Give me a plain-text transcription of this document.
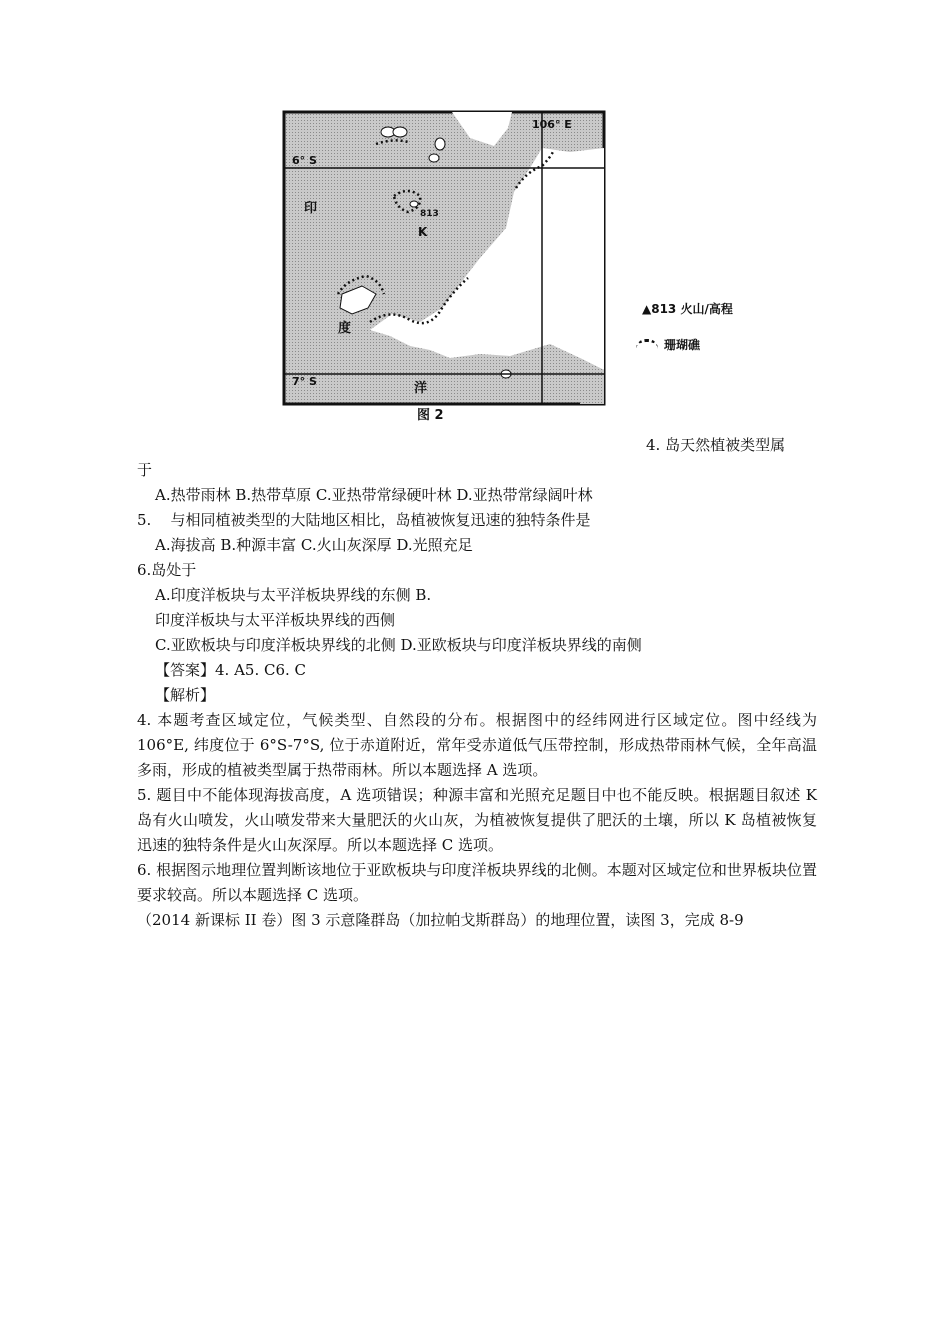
106° E
6° S
7° S
813
K
印
度
洋
图 2
▲813 火山/高程
珊瑚礁
4. 岛天然植被类型属
于
A.热带雨林 B.热带草原 C.亚热带常绿硬叶林 D.亚热带常绿阔叶林
5. 与相同植被类型的大陆地区相比，岛植被恢复迅速的独特条件是
A.海拔高 B.种源丰富 C.火山灰深厚 D.光照充足
6.岛处于
A.印度洋板块与太平洋板块界线的东侧 B.
印度洋板块与太平洋板块界线的西侧
C.亚欧板块与印度洋板块界线的北侧 D.亚欧板块与印度洋板块界线的南侧
【答案】4. A5. C6. C
【解析】
4. 本题考查区域定位，气候类型、自然段的分布。根据图中的经纬网进行区域定位。图中经线为 106°E, 纬度位于 6°S-7°S, 位于赤道附近，常年受赤道低气压带控制，形成热带雨林气候，全年高温多雨，形成的植被类型属于热带雨林。所以本题选择 A 选项。
5. 题目中不能体现海拔高度，A 选项错误；种源丰富和光照充足题目中也不能反映。根据题目叙述 K 岛有火山喷发，火山喷发带来大量肥沃的火山灰，为植被恢复提供了肥沃的土壤，所以 K 岛植被恢复迅速的独特条件是火山灰深厚。所以本题选择 C 选项。
6. 根据图示地理位置判断该地位于亚欧板块与印度洋板块界线的北侧。本题对区域定位和世界板块位置要求较高。所以本题选择 C 选项。
（2014 新课标 II 卷）图 3 示意隆群岛（加拉帕戈斯群岛）的地理位置，读图 3，完成 8-9
